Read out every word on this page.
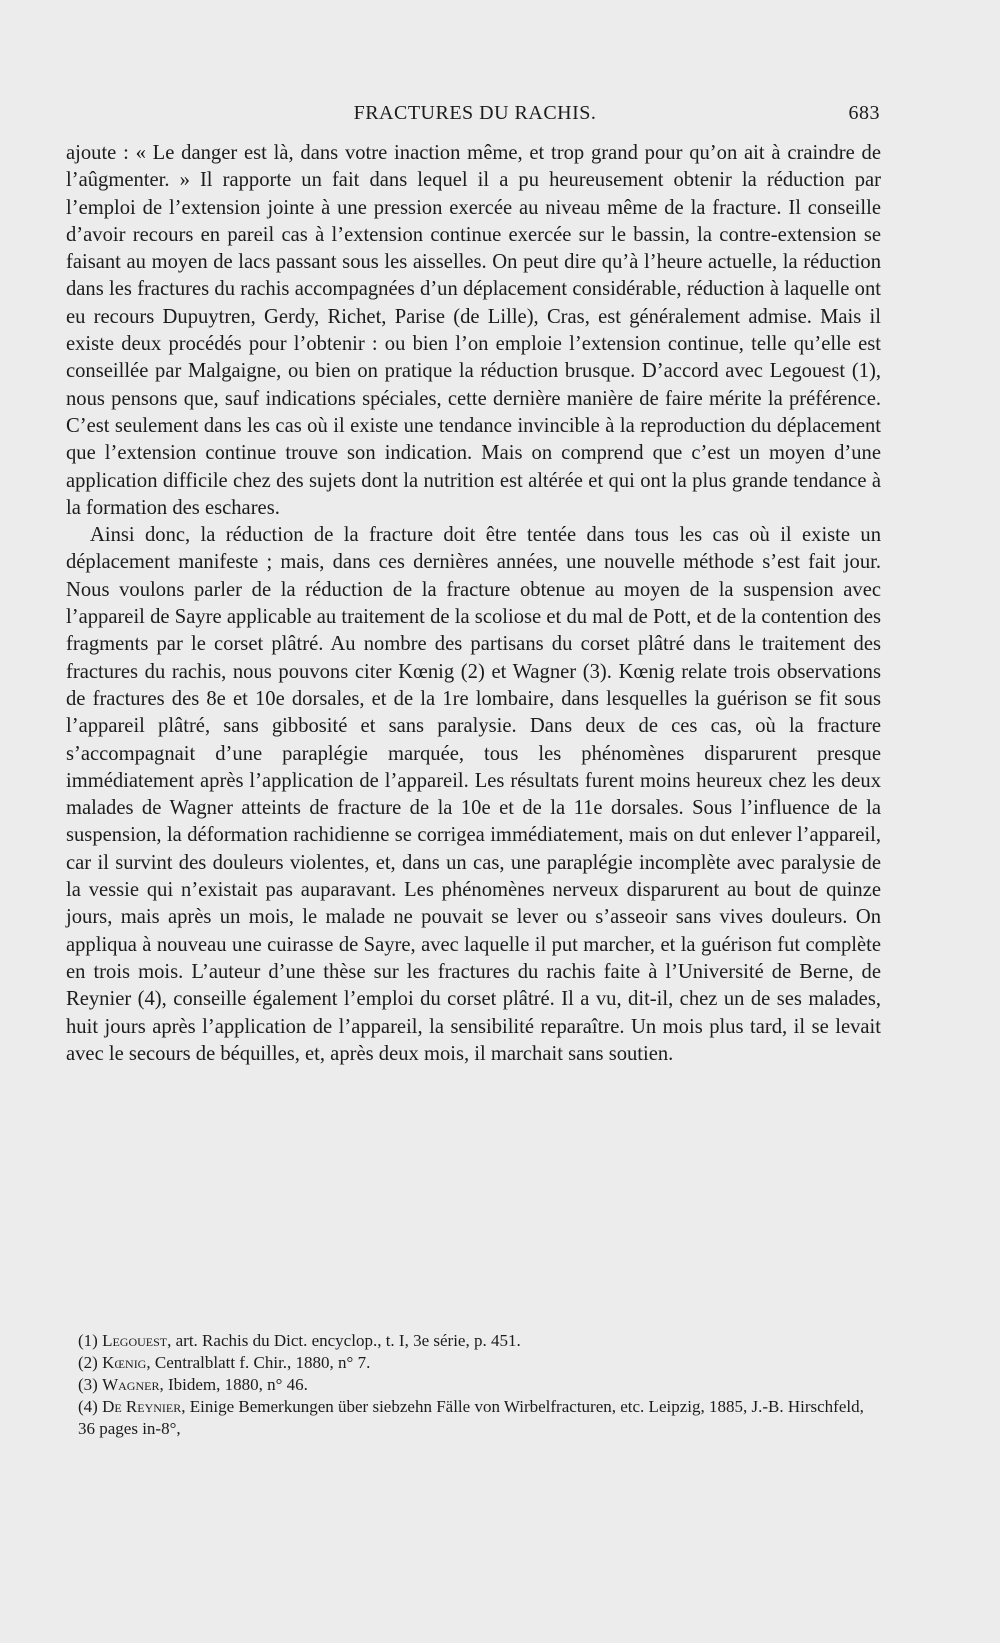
FRACTURES DU RACHIS.	683

ajoute : « Le danger est là, dans votre inaction même, et trop grand pour qu’on ait à craindre de l’aûgmenter. » Il rapporte un fait dans lequel il a pu heureusement obtenir la réduction par l’emploi de l’extension jointe à une pression exercée au niveau même de la fracture. Il conseille d’avoir recours en pareil cas à l’extension continue exercée sur le bassin, la contre-extension se faisant au moyen de lacs passant sous les aisselles. On peut dire qu’à l’heure actuelle, la réduction dans les fractures du rachis accompagnées d’un déplacement considérable, réduction à laquelle ont eu recours Dupuytren, Gerdy, Richet, Parise (de Lille), Cras, est généralement admise. Mais il existe deux procédés pour l’obtenir : ou bien l’on emploie l’extension continue, telle qu’elle est conseillée par Malgaigne, ou bien on pratique la réduction brusque. D’accord avec Legouest (1), nous pensons que, sauf indications spéciales, cette dernière manière de faire mérite la préférence. C’est seulement dans les cas où il existe une tendance invincible à la reproduction du déplacement que l’extension continue trouve son indication. Mais on comprend que c’est un moyen d’une application difficile chez des sujets dont la nutrition est altérée et qui ont la plus grande tendance à la formation des eschares.

Ainsi donc, la réduction de la fracture doit être tentée dans tous les cas où il existe un déplacement manifeste ; mais, dans ces dernières années, une nouvelle méthode s’est fait jour. Nous voulons parler de la réduction de la fracture obtenue au moyen de la suspension avec l’appareil de Sayre applicable au traitement de la scoliose et du mal de Pott, et de la contention des fragments par le corset plâtré. Au nombre des partisans du corset plâtré dans le traitement des fractures du rachis, nous pouvons citer Kœnig (2) et Wagner (3). Kœnig relate trois observations de fractures des 8e et 10e dorsales, et de la 1re lombaire, dans lesquelles la guérison se fit sous l’appareil plâtré, sans gibbosité et sans paralysie. Dans deux de ces cas, où la fracture s’accompagnait d’une paraplégie marquée, tous les phénomènes disparurent presque immédiatement après l’application de l’appareil. Les résultats furent moins heureux chez les deux malades de Wagner atteints de fracture de la 10e et de la 11e dorsales. Sous l’influence de la suspension, la déformation rachidienne se corrigea immédiatement, mais on dut enlever l’appareil, car il survint des douleurs violentes, et, dans un cas, une paraplégie incomplète avec paralysie de la vessie qui n’existait pas auparavant. Les phénomènes nerveux disparurent au bout de quinze jours, mais après un mois, le malade ne pouvait se lever ou s’asseoir sans vives douleurs. On appliqua à nouveau une cuirasse de Sayre, avec laquelle il put marcher, et la guérison fut complète en trois mois. L’auteur d’une thèse sur les fractures du rachis faite à l’Université de Berne, de Reynier (4), conseille également l’emploi du corset plâtré. Il a vu, dit-il, chez un de ses malades, huit jours après l’application de l’appareil, la sensibilité reparaître. Un mois plus tard, il se levait avec le secours de béquilles, et, après deux mois, il marchait sans soutien.

(1) Legouest, art. Rachis du Dict. encyclop., t. I, 3e série, p. 451.

(2) Kœnig, Centralblatt f. Chir., 1880, n° 7.

(3) Wagner, Ibidem, 1880, n° 46.

(4) De Reynier, Einige Bemerkungen über siebzehn Fälle von Wirbelfracturen, etc. Leipzig, 1885, J.-B. Hirschfeld, 36 pages in-8°,
